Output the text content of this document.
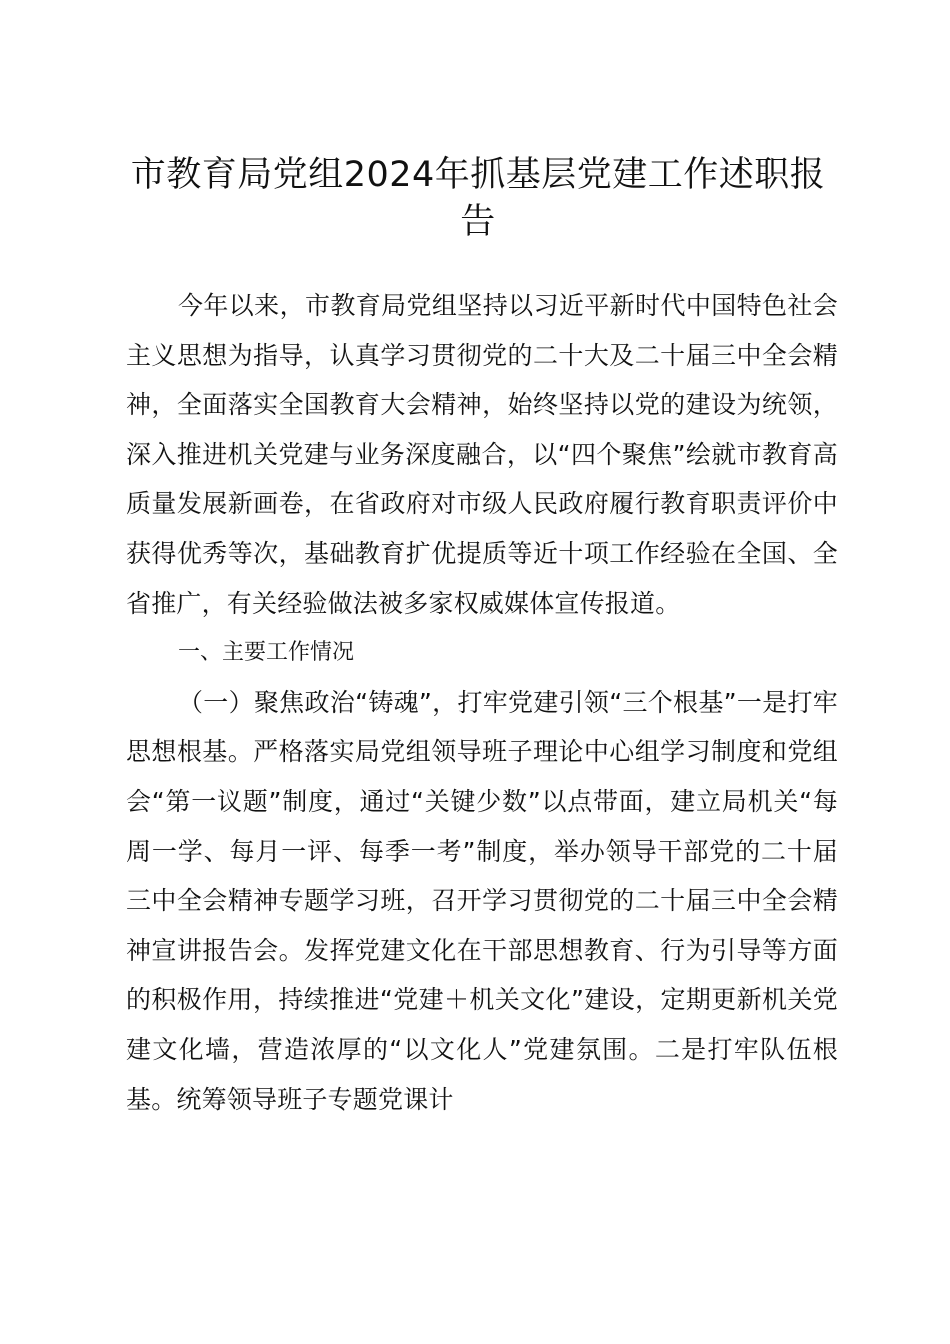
市教育局党组2024年抓基层党建工作述职报告

今年以来，市教育局党组坚持以习近平新时代中国特色社会主义思想为指导，认真学习贯彻党的二十大及二十届三中全会精神，全面落实全国教育大会精神，始终坚持以党的建设为统领，深入推进机关党建与业务深度融合，以“四个聚焦”绘就市教育高质量发展新画卷，在省政府对市级人民政府履行教育职责评价中获得优秀等次，基础教育扩优提质等近十项工作经验在全国、全省推广，有关经验做法被多家权威媒体宣传报道。

一、主要工作情况

（一）聚焦政治“铸魂”，打牢党建引领“三个根基”一是打牢思想根基。严格落实局党组领导班子理论中心组学习制度和党组会“第一议题”制度，通过“关键少数”以点带面，建立局机关“每周一学、每月一评、每季一考”制度，举办领导干部党的二十届三中全会精神专题学习班，召开学习贯彻党的二十届三中全会精神宣讲报告会。发挥党建文化在干部思想教育、行为引导等方面的积极作用，持续推进“党建＋机关文化”建设，定期更新机关党建文化墙，营造浓厚的“以文化人”党建氛围。二是打牢队伍根基。统筹领导班子专题党课计
